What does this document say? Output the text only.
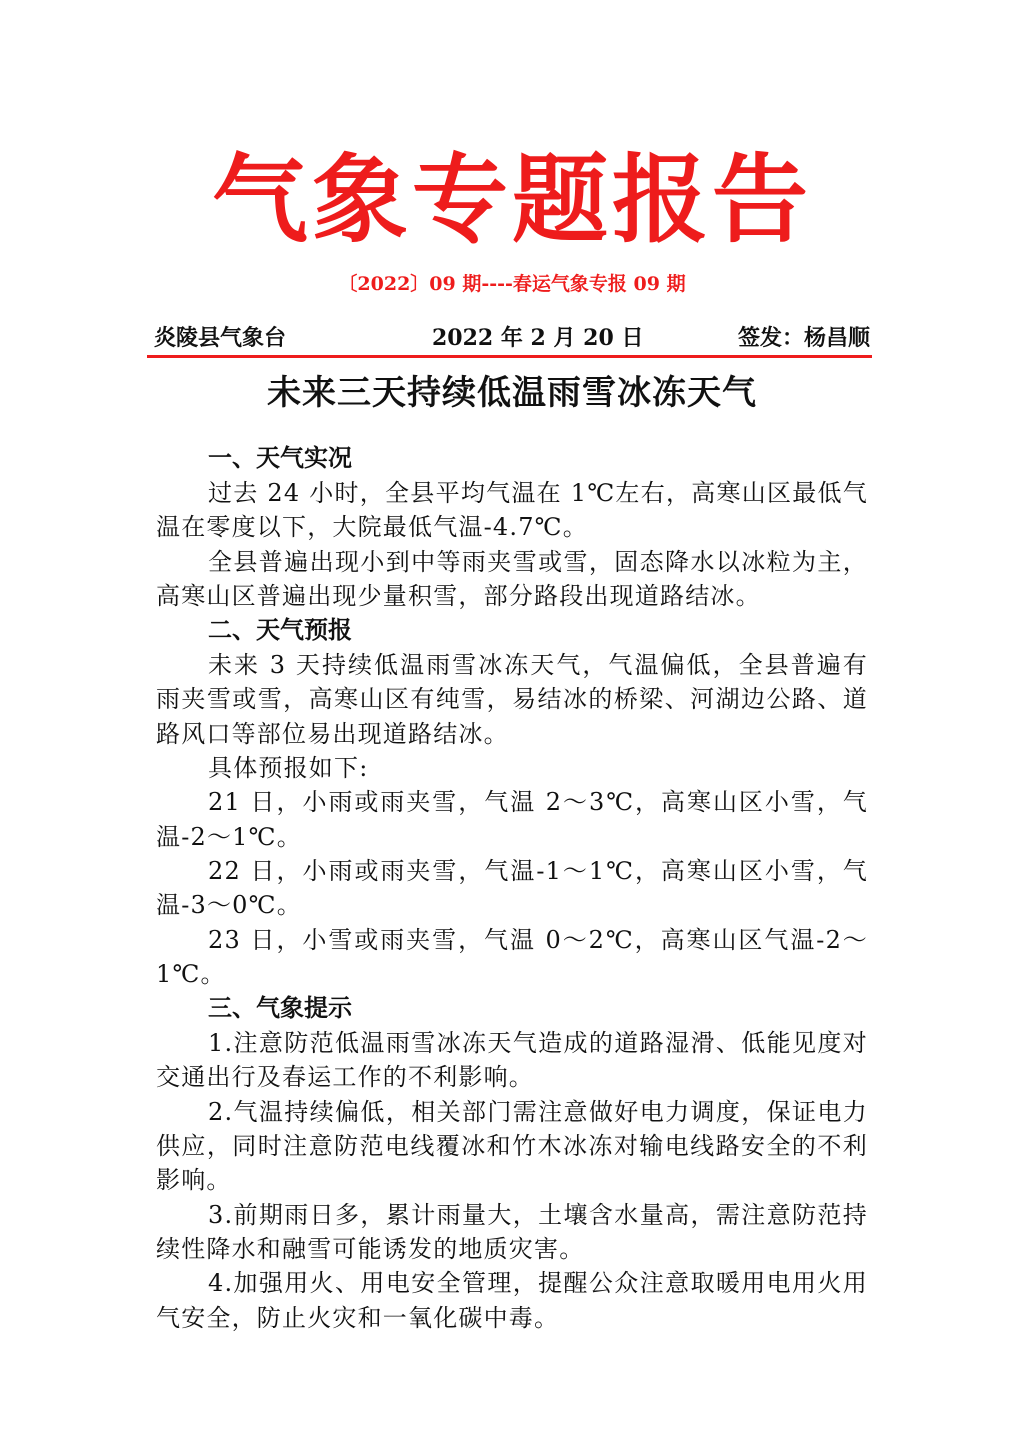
气象专题报告
〔2022〕09 期----春运气象专报 09 期
炎陵县气象台	2022 年 2 月 20 日	签发：杨昌顺
未来三天持续低温雨雪冰冻天气
一、天气实况

过去 24 小时，全县平均气温在 1℃左右，高寒山区最低气温在零度以下，大院最低气温-4.7℃。

全县普遍出现小到中等雨夹雪或雪，固态降水以冰粒为主，高寒山区普遍出现少量积雪，部分路段出现道路结冰。

二、天气预报

未来 3 天持续低温雨雪冰冻天气，气温偏低，全县普遍有雨夹雪或雪，高寒山区有纯雪，易结冰的桥梁、河湖边公路、道路风口等部位易出现道路结冰。

具体预报如下:

21 日，小雨或雨夹雪，气温 2～3℃，高寒山区小雪，气温-2～1℃。

22 日，小雨或雨夹雪，气温-1～1℃，高寒山区小雪，气温-3～0℃。

23 日，小雪或雨夹雪，气温 0～2℃，高寒山区气温-2～1℃。

三、气象提示

1.注意防范低温雨雪冰冻天气造成的道路湿滑、低能见度对交通出行及春运工作的不利影响。

2.气温持续偏低，相关部门需注意做好电力调度，保证电力供应，同时注意防范电线覆冰和竹木冰冻对输电线路安全的不利影响。

3.前期雨日多，累计雨量大，土壤含水量高，需注意防范持续性降水和融雪可能诱发的地质灾害。

4.加强用火、用电安全管理，提醒公众注意取暖用电用火用气安全，防止火灾和一氧化碳中毒。
